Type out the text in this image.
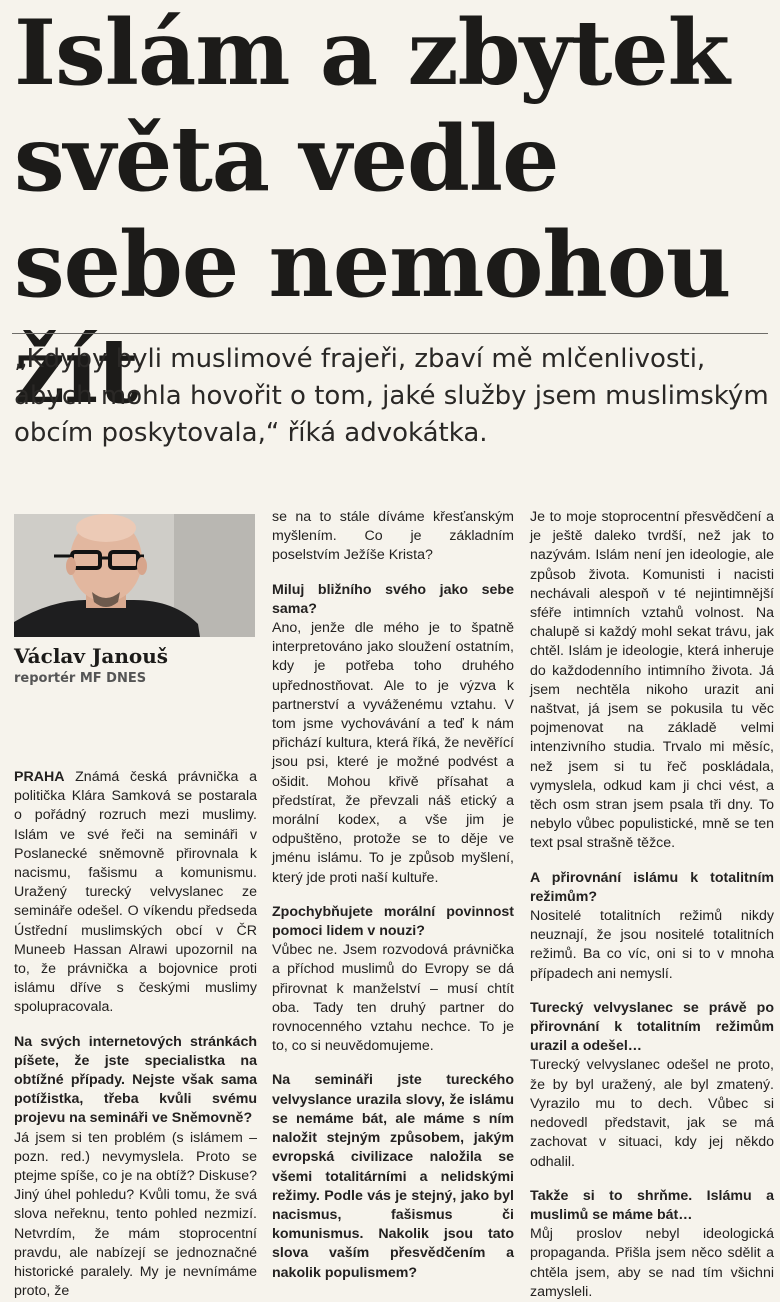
Islám a zbytek světa vedle sebe nemohou žít

„Kdyby byli muslimové frajeři, zbaví mě mlčenlivosti, abych mohla hovořit o tom, jaké služby jsem muslimským obcím poskytovala,“ říká advokátka.

Václav Janouš
reportér MF DNES

PRAHA Známá česká právnička a politička Klára Samková se postarala o pořádný rozruch mezi muslimy. Islám ve své řeči na semináři v Poslanecké sněmovně přirovnala k nacismu, fašismu a komunismu. Uražený turecký velvyslanec ze semináře odešel. O víkendu předseda Ústřední muslimských obcí v ČR Muneeb Hassan Alrawi upozornil na to, že právnička a bojovnice proti islámu dříve s českými muslimy spolupracovala.

Na svých internetových stránkách píšete, že jste specialistka na obtížné případy. Nejste však sama potížistka, třeba kvůli svému projevu na semináři ve Sněmovně?

Já jsem si ten problém (s islámem – pozn. red.) nevymyslela. Proto se ptejme spíše, co je na obtíž? Diskuse? Jiný úhel pohledu? Kvůli tomu, že svá slova neřeknu, tento pohled nezmizí. Netvrdím, že mám stoprocentní pravdu, ale nabízejí se jednoznačné historické paralely. My je nevnímáme proto, že

se na to stále díváme křesťanským myšlením. Co je základním poselstvím Ježíše Krista?

Miluj bližního svého jako sebe sama?

Ano, jenže dle mého je to špatně interpretováno jako sloužení ostatním, kdy je potřeba toho druhého upřednostňovat. Ale to je výzva k partnerství a vyváženému vztahu. V tom jsme vychovávání a teď k nám přichází kultura, která říká, že nevěřící jsou psi, které je možné podvést a ošidit. Mohou křivě přísahat a předstírat, že převzali náš etický a morální kodex, a vše jim je odpuštěno, protože se to děje ve jménu islámu. To je způsob myšlení, který jde proti naší kultuře.

Zpochybňujete morální povinnost pomoci lidem v nouzi?

Vůbec ne. Jsem rozvodová právnička a příchod muslimů do Evropy se dá přirovnat k manželství – musí chtít oba. Tady ten druhý partner do rovnocenného vztahu nechce. To je to, co si neuvědomujeme.

Na semináři jste tureckého velvyslance urazila slovy, že islámu se nemáme bát, ale máme s ním naložit stejným způsobem, jakým evropská civilizace naložila se všemi totalitárními a nelidskými režimy. Podle vás je stejný, jako byl nacismus, fašismus či komunismus. Nakolik jsou tato slova vaším přesvědčením a nakolik populismem?

Je to moje stoprocentní přesvědčení a je ještě daleko tvrdší, než jak to nazývám. Islám není jen ideologie, ale způsob života. Komunisti i nacisti nechávali alespoň v té nejintimnější sféře intimních vztahů volnost. Na chalupě si každý mohl sekat trávu, jak chtěl. Islám je ideologie, která inheruje do každodenního intimního života. Já jsem nechtěla nikoho urazit ani naštvat, já jsem se pokusila tu věc pojmenovat na základě velmi intenzivního studia. Trvalo mi měsíc, než jsem si tu řeč poskládala, vymyslela, odkud kam ji chci vést, a těch osm stran jsem psala tři dny. To nebylo vůbec populistické, mně se ten text psal strašně těžce.

A přirovnání islámu k totalitním režimům?

Nositelé totalitních režimů nikdy neuznají, že jsou nositelé totalitních režimů. Ba co víc, oni si to v mnoha případech ani nemyslí.

Turecký velvyslanec se právě po přirovnání k totalitním režimům urazil a odešel…

Turecký velvyslanec odešel ne proto, že by byl uražený, ale byl zmatený. Vyrazilo mu to dech. Vůbec si nedovedl představit, jak se má zachovat v situaci, kdy jej někdo odhalil.

Takže si to shrňme. Islámu a muslimů se máme bát…

Můj proslov nebyl ideologická propaganda. Přišla jsem něco sdělit a chtěla jsem, aby se nad tím všichni zamysleli.
